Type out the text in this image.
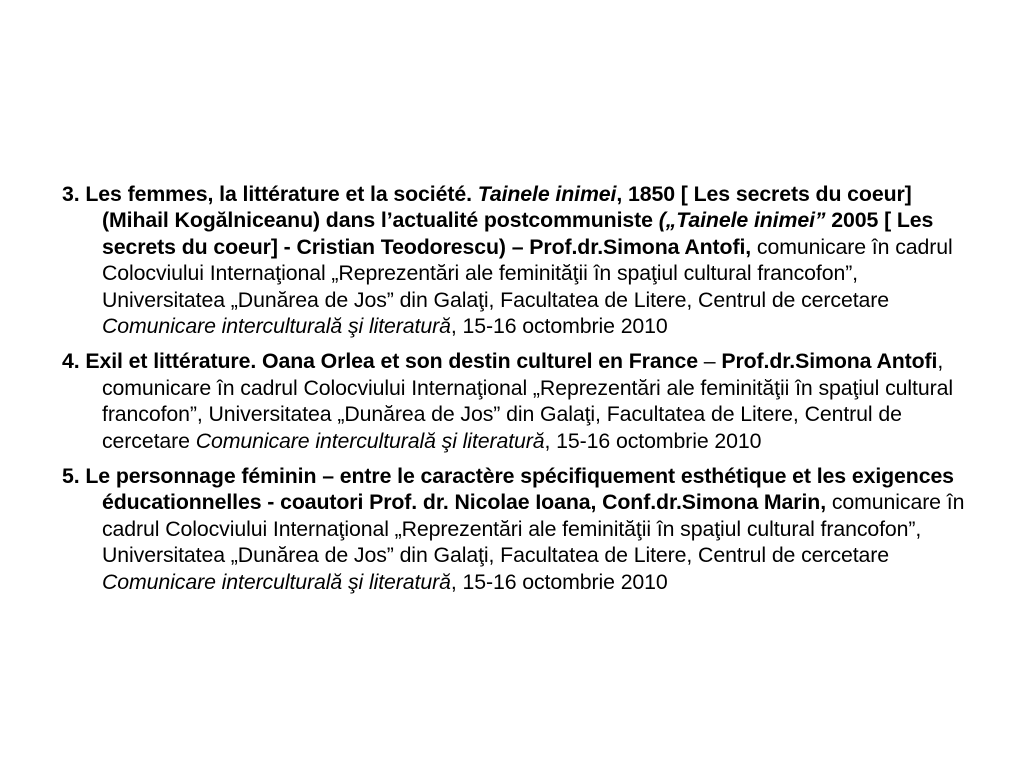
3. Les femmes, la littérature et la société. Tainele inimei, 1850 [ Les secrets du coeur] (Mihail Kogălniceanu) dans l’actualité postcommuniste („Tainele inimei” 2005 [ Les secrets du coeur] - Cristian Teodorescu) – Prof.dr.Simona Antofi, comunicare în cadrul Colocviului Internaţional „Reprezentări ale feminităţii în spaţiul cultural francofon”, Universitatea „Dunărea de Jos” din Galaţi, Facultatea de Litere, Centrul de cercetare Comunicare interculturală şi literatură, 15-16 octombrie 2010
4. Exil et littérature. Oana Orlea et son destin culturel en France – Prof.dr.Simona Antofi, comunicare în cadrul Colocviului Internaţional „Reprezentări ale feminităţii în spaţiul cultural francofon”, Universitatea „Dunărea de Jos” din Galaţi, Facultatea de Litere, Centrul de cercetare Comunicare interculturală şi literatură, 15-16 octombrie 2010
5. Le personnage féminin – entre le caractère spécifiquement esthétique et les exigences éducationnelles - coautori Prof. dr. Nicolae Ioana, Conf.dr.Simona Marin, comunicare în cadrul Colocviului Internaţional „Reprezentări ale feminităţii în spaţiul cultural francofon”, Universitatea „Dunărea de Jos” din Galaţi, Facultatea de Litere, Centrul de cercetare Comunicare interculturală şi literatură, 15-16 octombrie 2010
